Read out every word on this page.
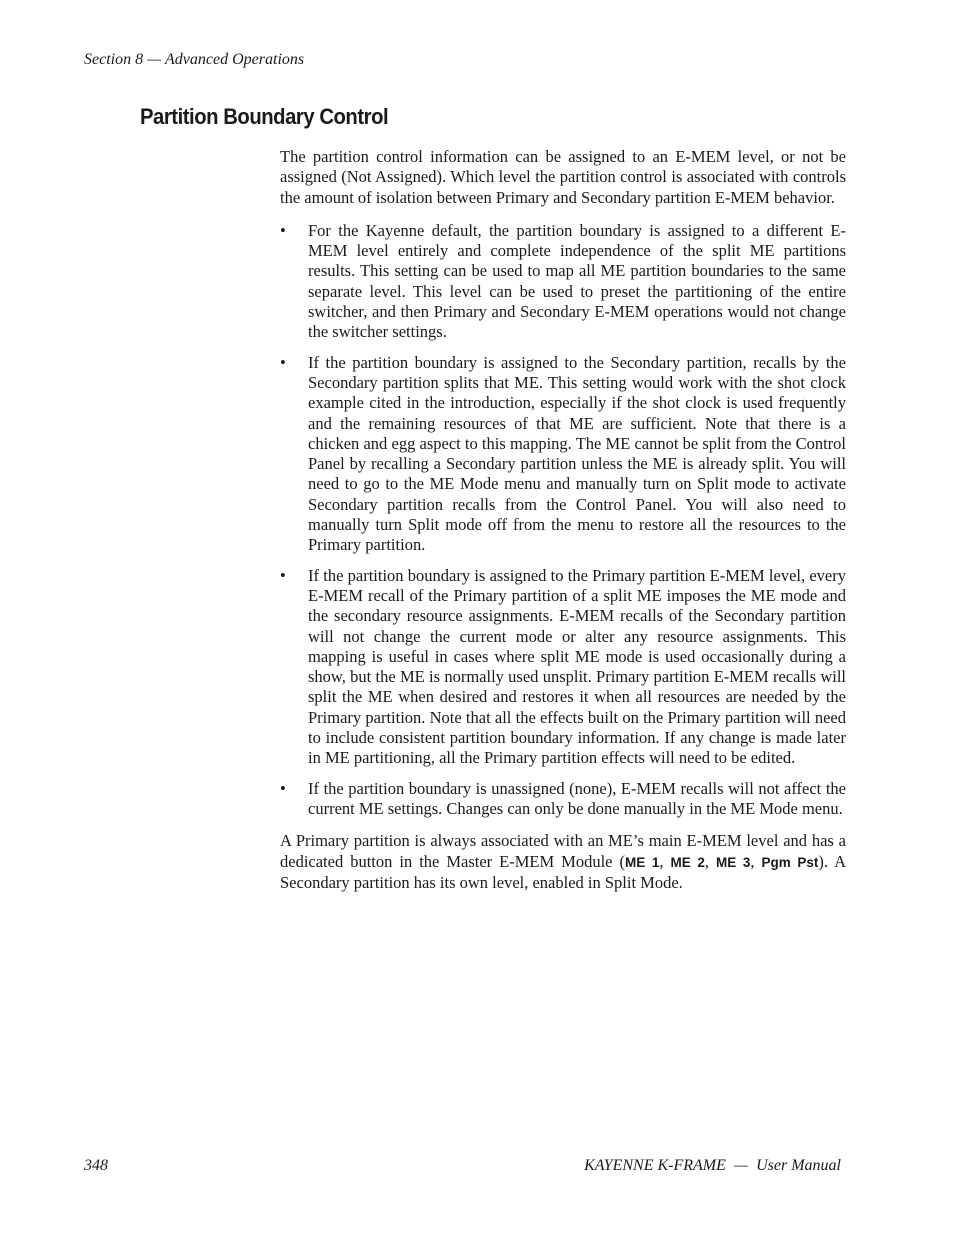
Section 8 — Advanced Operations
Partition Boundary Control

The partition control information can be assigned to an E-MEM level, or not be assigned (Not Assigned). Which level the partition control is associated with controls the amount of isolation between Primary and Secondary partition E-MEM behavior.

• For the Kayenne default, the partition boundary is assigned to a different E-MEM level entirely and complete independence of the split ME partitions results. This setting can be used to map all ME partition boundaries to the same separate level. This level can be used to preset the partitioning of the entire switcher, and then Primary and Secondary E-MEM operations would not change the switcher settings.
• If the partition boundary is assigned to the Secondary partition, recalls by the Secondary partition splits that ME. This setting would work with the shot clock example cited in the introduction, especially if the shot clock is used frequently and the remaining resources of that ME are sufficient. Note that there is a chicken and egg aspect to this mapping. The ME cannot be split from the Control Panel by recalling a Secondary partition unless the ME is already split. You will need to go to the ME Mode menu and manually turn on Split mode to activate Secondary partition recalls from the Control Panel. You will also need to manually turn Split mode off from the menu to restore all the resources to the Primary partition.
• If the partition boundary is assigned to the Primary partition E-MEM level, every E-MEM recall of the Primary partition of a split ME imposes the ME mode and the secondary resource assignments. E-MEM recalls of the Secondary partition will not change the current mode or alter any resource assignments. This mapping is useful in cases where split ME mode is used occasionally during a show, but the ME is normally used unsplit. Primary partition E-MEM recalls will split the ME when desired and restores it when all resources are needed by the Primary partition. Note that all the effects built on the Primary partition will need to include consistent partition boundary information. If any change is made later in ME partitioning, all the Primary partition effects will need to be edited.
• If the partition boundary is unassigned (none), E-MEM recalls will not affect the current ME settings. Changes can only be done manually in the ME Mode menu.

A Primary partition is always associated with an ME’s main E-MEM level and has a dedicated button in the Master E-MEM Module (ME 1, ME 2, ME 3, Pgm Pst). A Secondary partition has its own level, enabled in Split Mode.

348	KAYENNE K-FRAME  —  User Manual
